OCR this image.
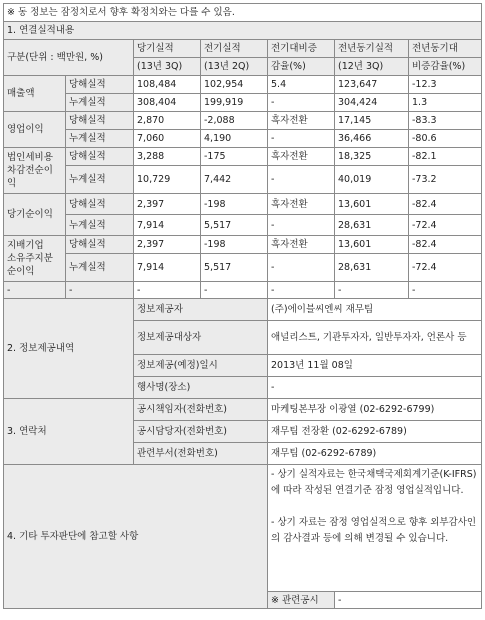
※ 동 정보는 잠정치로서 향후 확정치와는 다를 수 있음.						
1. 연결실적내용						
구분(단위 : 백만원, %)		당기실적	전기실적	전기대비증	전년동기실적	전년동기대
		(13년 3Q)	(13년 2Q)	감율(%)	(12년 3Q)	비증감율(%)
매출액	당해실적	108,484	102,954	5.4	123,647	-12.3
	누계실적	308,404	199,919	-	304,424	1.3
영업이익	당해실적	2,870	-2,088	흑자전환	17,145	-83.3
	누계실적	7,060	4,190	-	36,466	-80.6

법인세비용
차감전순이
익	당해실적	3,288	-175	흑자전환	18,325	-82.1
	누계실적	10,729	7,442	-	40,019	-73.2
당기순이익	당해실적	2,397	-198	흑자전환	13,601	-82.4
	누계실적	7,914	5,517	-	28,631	-72.4

지배기업
소유주지분
순이익	당해실적	2,397	-198	흑자전환	13,601	-82.4
	누계실적	7,914	5,517	-	28,631	-72.4
-	-	-	-	-	-	-
2. 정보제공내역		정보제공자		(주)에이블씨엔씨 재무팀		
		정보제공대상자		애널리스트, 기관투자자, 일반투자자, 언론사 등		
		정보제공(예정)일시		2013년 11월 08일		
		행사명(장소)		-		
3. 연락처		공시책임자(전화번호)		마케팅본부장 이광열 (02-6292-6799)		
		공시담당자(전화번호)		재무팀 전장환 (02-6292-6789)		
		관련부서(전화번호)		재무팀 (02-6292-6789)		
4. 기타 투자판단에 참고할 사항				- 상기 실적자료는 한국채택국제회계기준(K-IFRS)에 따라 작성된 연결기준 잠정 영업실적입니다.
- 상기 자료는 잠정 영업실적으로 향후 외부감사인의 감사결과 등에 의해 변경될 수 있습니다.		

				※ 관련공시	-	
